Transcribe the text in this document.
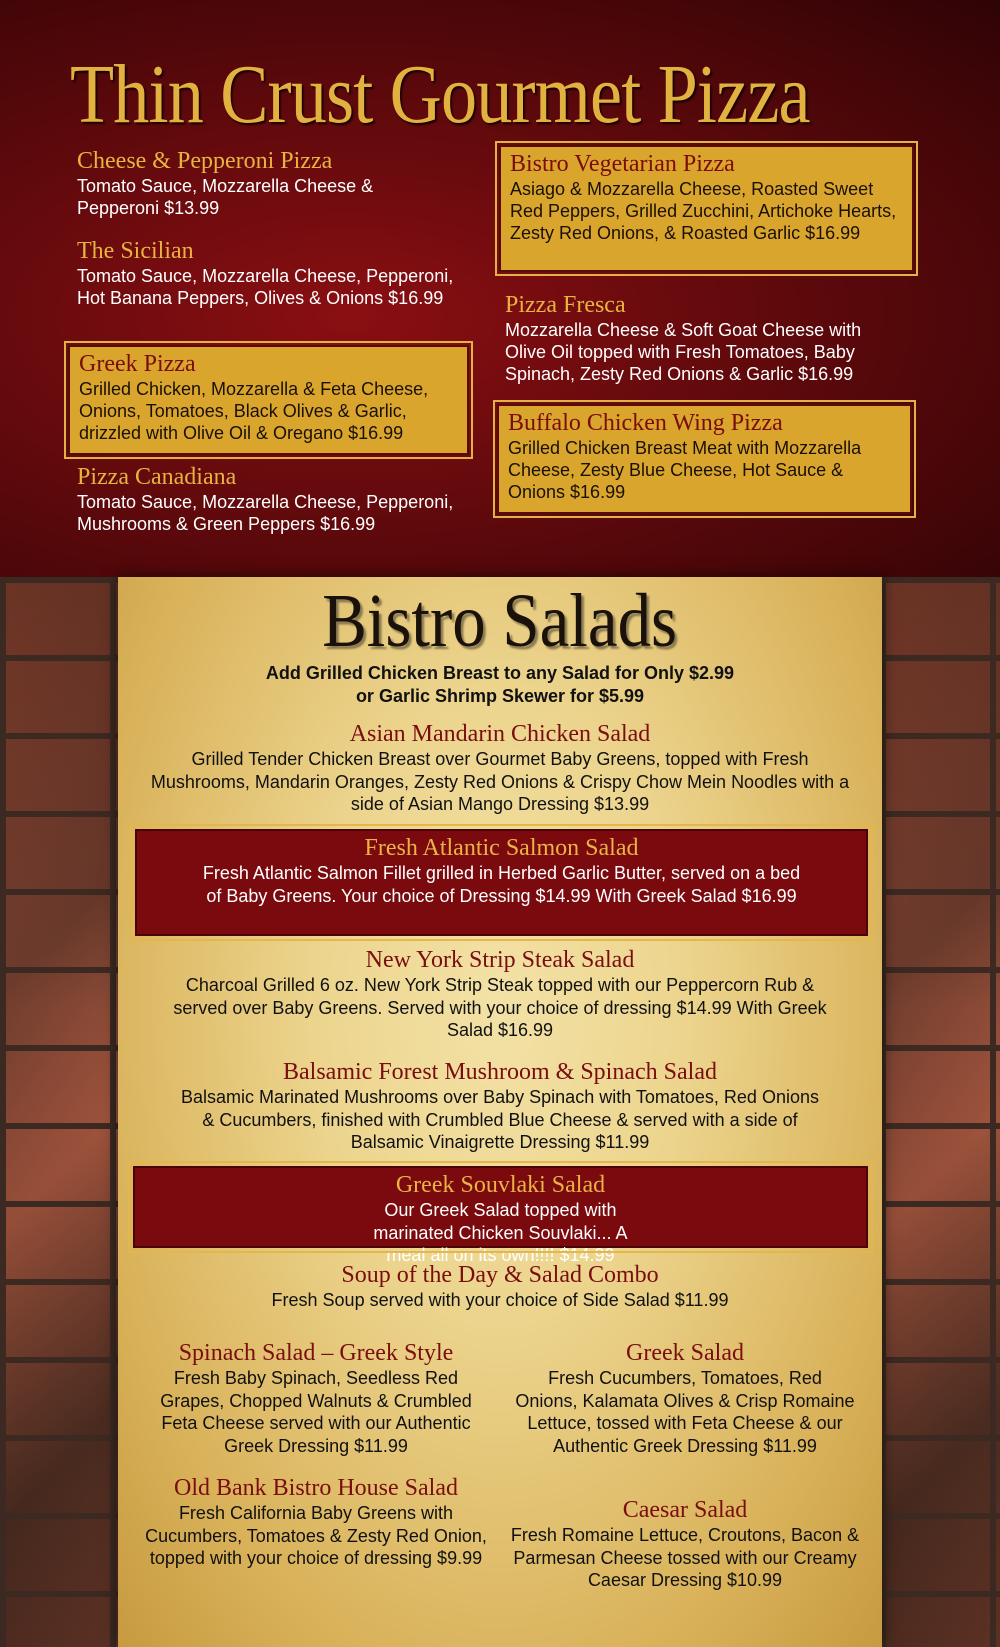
Thin Crust Gourmet Pizza
Cheese & Pepperoni Pizza
Tomato Sauce, Mozzarella Cheese & Pepperoni $13.99
The Sicilian
Tomato Sauce, Mozzarella Cheese, Pepperoni, Hot Banana Peppers, Olives & Onions $16.99
Greek Pizza
Grilled Chicken, Mozzarella & Feta Cheese, Onions, Tomatoes, Black Olives & Garlic, drizzled with Olive Oil & Oregano $16.99
Pizza Canadiana
Tomato Sauce, Mozzarella Cheese, Pepperoni, Mushrooms & Green Peppers $16.99
Bistro Vegetarian Pizza
Asiago & Mozzarella Cheese, Roasted Sweet Red Peppers, Grilled Zucchini, Artichoke Hearts, Zesty Red Onions, & Roasted Garlic $16.99
Pizza Fresca
Mozzarella Cheese & Soft Goat Cheese with Olive Oil topped with Fresh Tomatoes, Baby Spinach, Zesty Red Onions & Garlic $16.99
Buffalo Chicken Wing Pizza
Grilled Chicken Breast Meat with Mozzarella Cheese, Zesty Blue Cheese, Hot Sauce & Onions $16.99
Bistro Salads
Add Grilled Chicken Breast to any Salad for Only $2.99
or Garlic Shrimp Skewer for $5.99
Asian Mandarin Chicken Salad
Grilled Tender Chicken Breast over Gourmet Baby Greens, topped with Fresh Mushrooms, Mandarin Oranges, Zesty Red Onions & Crispy Chow Mein Noodles with a side of Asian Mango Dressing $13.99
Fresh Atlantic Salmon Salad
Fresh Atlantic Salmon Fillet grilled in Herbed Garlic Butter, served on a bed of Baby Greens. Your choice of Dressing $14.99 With Greek Salad $16.99
New York Strip Steak Salad
Charcoal Grilled 6 oz. New York Strip Steak topped with our Peppercorn Rub & served over Baby Greens. Served with your choice of dressing $14.99 With Greek Salad $16.99
Balsamic Forest Mushroom & Spinach Salad
Balsamic Marinated Mushrooms over Baby Spinach with Tomatoes, Red Onions & Cucumbers, finished with Crumbled Blue Cheese & served with a side of Balsamic Vinaigrette Dressing $11.99
Greek Souvlaki Salad
Our Greek Salad topped with marinated Chicken Souvlaki... A meal all on its own!!!! $14.99
Soup of the Day & Salad Combo
Fresh Soup served with your choice of Side Salad $11.99
Spinach Salad – Greek Style
Fresh Baby Spinach, Seedless Red Grapes, Chopped Walnuts & Crumbled Feta Cheese served with our Authentic Greek Dressing $11.99
Old Bank Bistro House Salad
Fresh California Baby Greens with Cucumbers, Tomatoes & Zesty Red Onion, topped with your choice of dressing $9.99
Greek Salad
Fresh Cucumbers, Tomatoes, Red Onions, Kalamata Olives & Crisp Romaine Lettuce, tossed with Feta Cheese & our Authentic Greek Dressing $11.99
Caesar Salad
Fresh Romaine Lettuce, Croutons, Bacon & Parmesan Cheese tossed with our Creamy Caesar Dressing $10.99
